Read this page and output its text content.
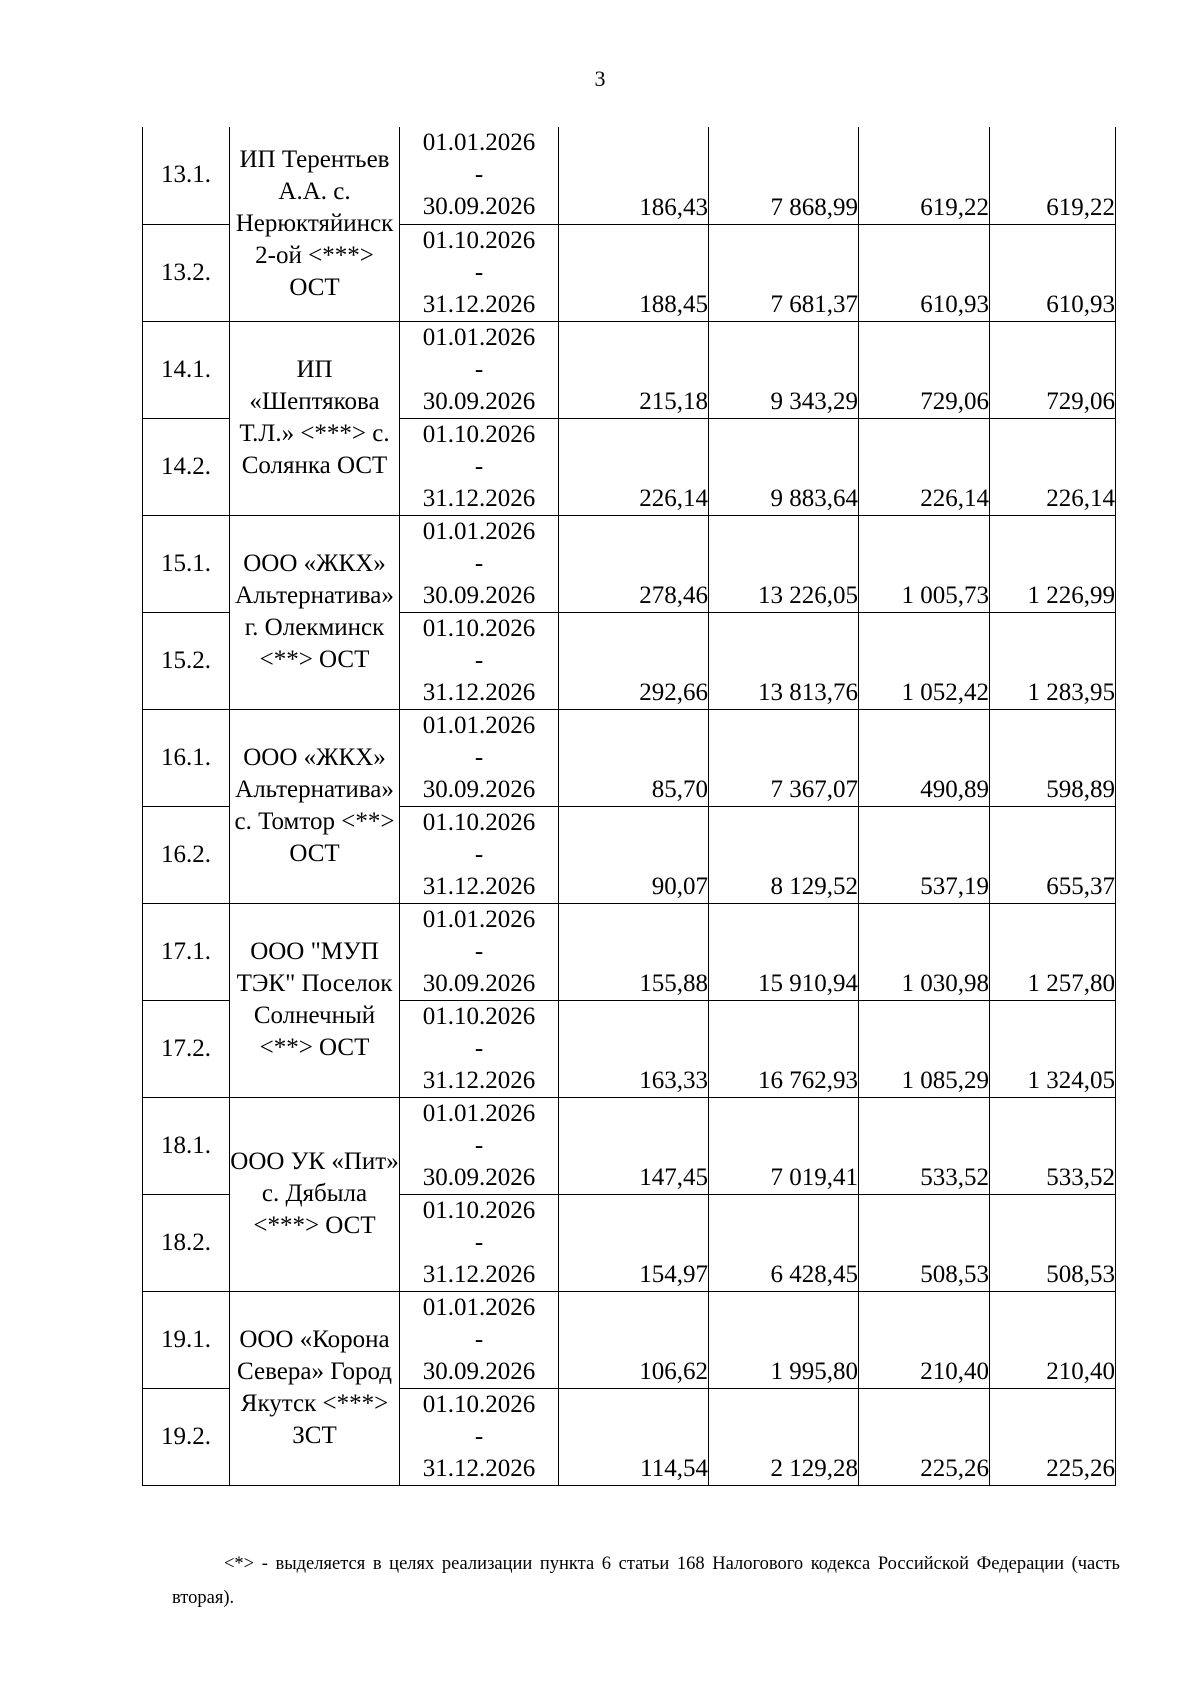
3
13.1.	ИП Терентьев А.А. с. Нерюктяйинск 2-ой <***> ОСТ	01.01.2026
-
30.09.2026	186,43	7 868,99	619,22	619,22
13.2.		01.10.2026
-
31.12.2026	188,45	7 681,37	610,93	610,93
14.1.	ИП «Шептякова Т.Л.» <***> с. Солянка ОСТ	01.01.2026
-
30.09.2026	215,18	9 343,29	729,06	729,06
14.2.		01.10.2026
-
31.12.2026	226,14	9 883,64	226,14	226,14
15.1.	ООО «ЖКХ» Альтернатива» г. Олекминск <**> ОСТ	01.01.2026
-
30.09.2026	278,46	13 226,05	1 005,73	1 226,99
15.2.		01.10.2026
-
31.12.2026	292,66	13 813,76	1 052,42	1 283,95
16.1.	ООО «ЖКХ» Альтернатива» с. Томтор <**> ОСТ	01.01.2026
-
30.09.2026	85,70	7 367,07	490,89	598,89
16.2.		01.10.2026
-
31.12.2026	90,07	8 129,52	537,19	655,37
17.1.	ООО "МУП ТЭК" Поселок Солнечный <**> ОСТ	01.01.2026
-
30.09.2026	155,88	15 910,94	1 030,98	1 257,80
17.2.		01.10.2026
-
31.12.2026	163,33	16 762,93	1 085,29	1 324,05
18.1.	ООО УК «Пит» с. Дябыла <***> ОСТ	01.01.2026
-
30.09.2026	147,45	7 019,41	533,52	533,52
18.2.		01.10.2026
-
31.12.2026	154,97	6 428,45	508,53	508,53
19.1.	ООО «Корона Севера» Город Якутск <***> ЗСТ	01.01.2026
-
30.09.2026	106,62	1 995,80	210,40	210,40
19.2.		01.10.2026
-
31.12.2026	114,54	2 129,28	225,26	225,26
<*> - выделяется в целях реализации пункта 6 статьи 168 Налогового кодекса Российской Федерации (часть вторая).
